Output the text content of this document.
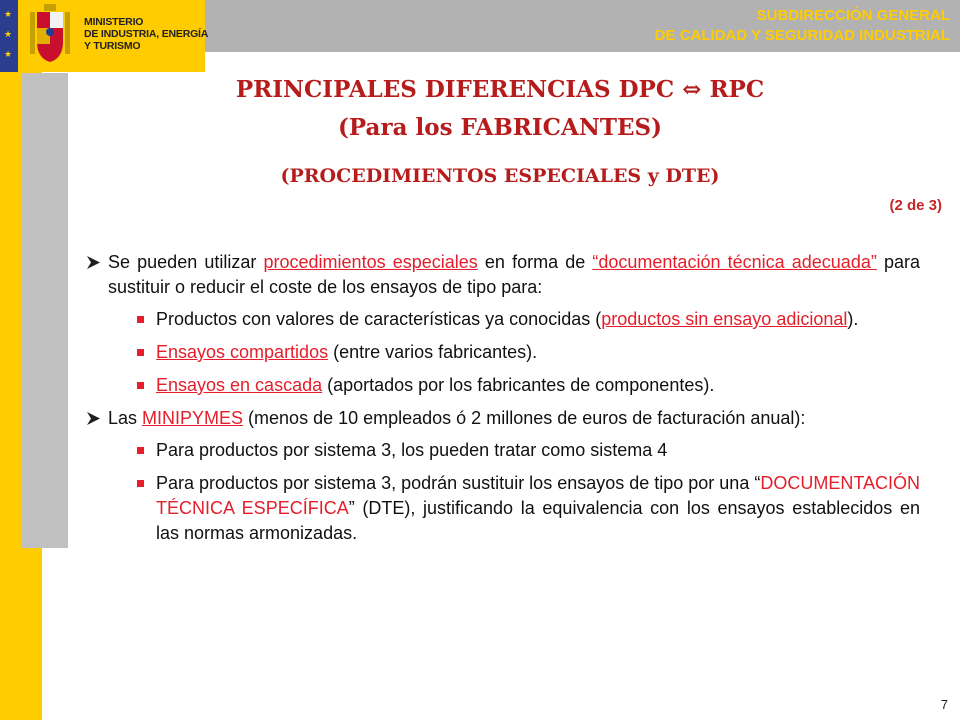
★
★
★
MINISTERIO
DE INDUSTRIA, ENERGÍA
Y TURISMO
SUBDIRECCIÓN GENERAL
DE CALIDAD Y SEGURIDAD INDUSTRIAL
PRINCIPALES DIFERENCIAS DPC ⇔ RPC
(Para los FABRICANTES)
(PROCEDIMIENTOS ESPECIALES y DTE)
(2 de 3)
Se pueden utilizar procedimientos especiales en forma de “documentación técnica adecuada” para sustituir o reducir el coste de los ensayos de tipo para:
Productos con valores de características ya conocidas (productos sin ensayo adicional).
Ensayos compartidos (entre varios fabricantes).
Ensayos en cascada (aportados por los fabricantes de componentes).
Las MINIPYMES (menos de 10 empleados ó 2 millones de euros de facturación anual):
Para productos por sistema 3, los pueden tratar como sistema 4
Para productos por sistema 3, podrán sustituir los ensayos de tipo por una “DOCUMENTACIÓN TÉCNICA ESPECÍFICA” (DTE), justificando la equivalencia con los ensayos establecidos en las normas armonizadas.
7
